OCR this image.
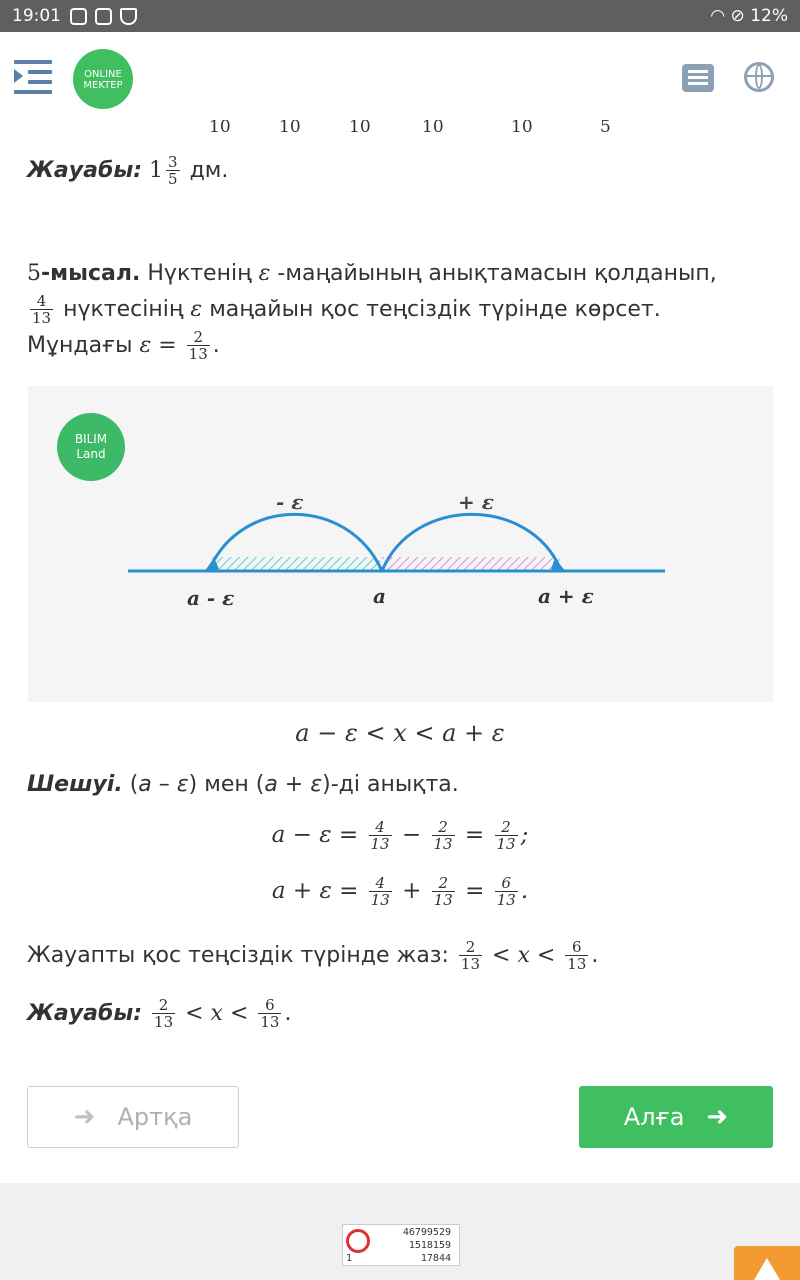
19:01	◠ ⊘ 12%
ONLINE
MEKTEP
10	10	10	10	10	5
Жауабы: $1 \frac{3}{5}$ дм.
5-мысал. Нүктенің ε -маңайының анықтамасын қолданып,
$\frac{4}{13}$ нүктесінің ε маңайын қос теңсіздік түрінде көрсет.
Мұндағы $\varepsilon = \frac{2}{13}$ .
BILIM
Land
- ε	+ ε
a - ε	a	a + ε
a − ε < x < a + ε
Шешуі. (а – ε) мен (а + ε)-ді анықта.
$a - \varepsilon = \frac{4}{13} - \frac{2}{13} = \frac{2}{13}$ ;
$a + \varepsilon = \frac{4}{13} + \frac{2}{13} = \frac{6}{13}$ .
Жауапты қос теңсіздік түрінде жаз: $\frac{2}{13} < x < \frac{6}{13}$ .
Жауабы: $\frac{2}{13} < x < \frac{6}{13}$ .
➜ Артқа	Алға ➜
46799529
1518159
1	17844
